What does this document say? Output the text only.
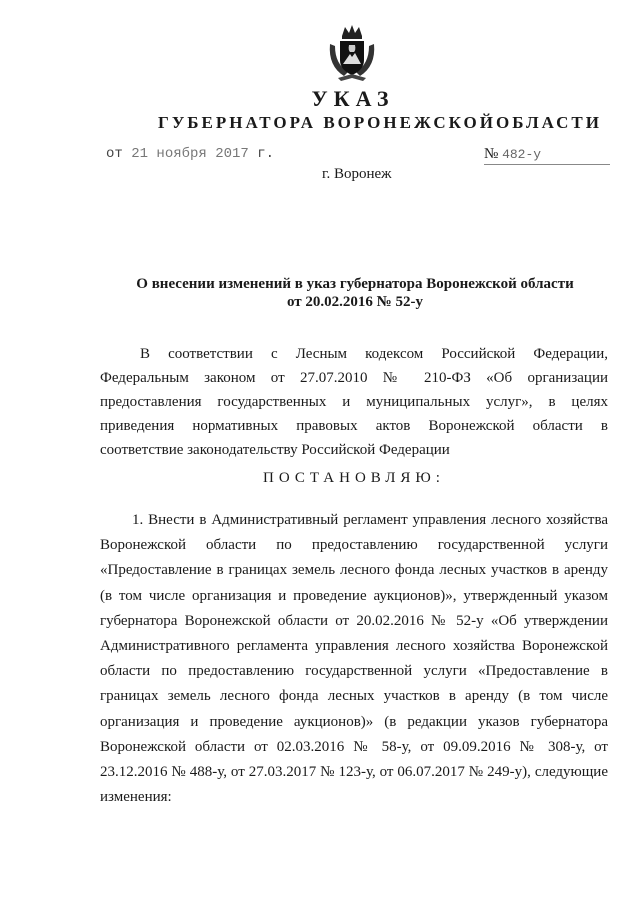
УКАЗ
ГУБЕРНАТОРА ВОРОНЕЖСКОЙОБЛАСТИ
от 21 ноября 2017 г.	№ 482-у
г. Воронеж
О внесении изменений в указ губернатора Воронежской области
от 20.02.2016 № 52-у
В соответствии с Лесным кодексом Российской Федерации, Федеральным законом от 27.07.2010 № 210-ФЗ «Об организации предоставления государственных и муниципальных услуг», в целях приведения нормативных правовых актов Воронежской области в соответствие законодательству Российской Федерации
ПОСТАНОВЛЯЮ:
1. Внести в Административный регламент управления лесного хозяйства Воронежской области по предоставлению государственной услуги «Предоставление в границах земель лесного фонда лесных участков в аренду (в том числе организация и проведение аукционов)», утвержденный указом губернатора Воронежской области от 20.02.2016 № 52-у «Об утверждении Административного регламента управления лесного хозяйства Воронежской области по предоставлению государственной услуги «Предоставление в границах земель лесного фонда лесных участков в аренду (в том числе организация и проведение аукционов)» (в редакции указов губернатора Воронежской области от 02.03.2016 № 58-у, от 09.09.2016 № 308-у, от 23.12.2016 № 488-у, от 27.03.2017 № 123-у, от 06.07.2017 № 249-у), следующие изменения:
